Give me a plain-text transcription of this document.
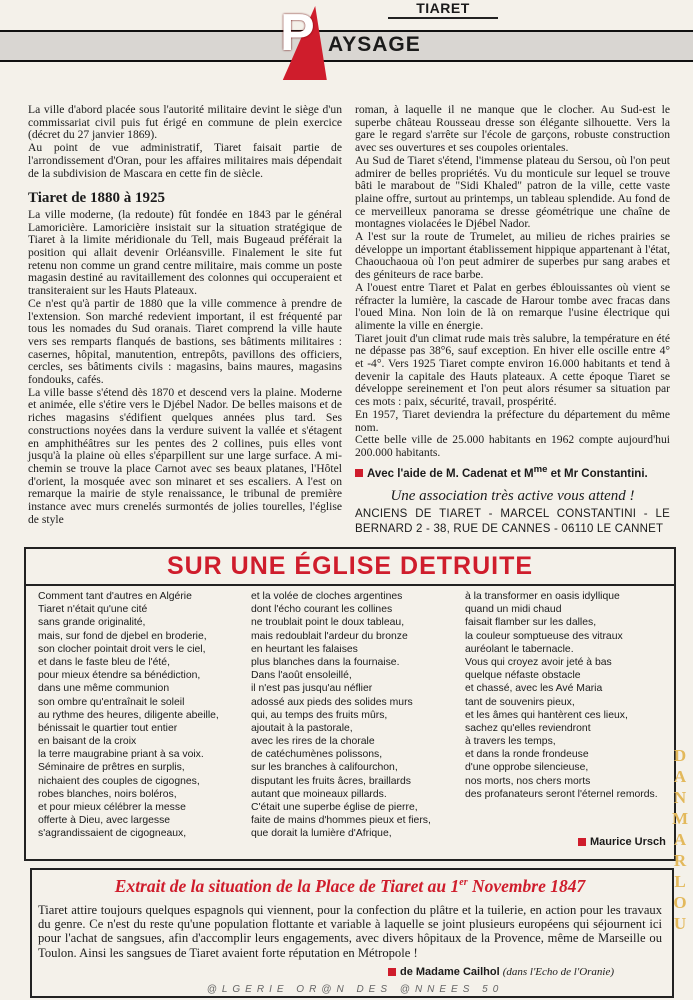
TIARET
P AYSAGE

La ville d'abord placée sous l'autorité militaire devint le siège d'un commissariat civil puis fut érigé en commune de plein exercice (décret du 27 janvier 1869).
Au point de vue administratif, Tiaret faisait partie de l'arrondissement d'Oran, pour les affaires militaires mais dépendait de la subdivision de Mascara en cette fin de siècle.

Tiaret de 1880 à 1925

La ville moderne, (la redoute) fût fondée en 1843 par le général Lamoricière. Lamoricière insistait sur la situation stratégique de Tiaret à la limite méridionale du Tell, mais Bugeaud préférait la position qui allait devenir Orléansville. Finalement le site fut retenu non comme un grand centre militaire, mais comme un poste magasin destiné au ravitaillement des colonnes qui occuperaient et transiteraient sur les Hauts Plateaux.

Ce n'est qu'à partir de 1880 que la ville commence à prendre de l'extension. Son marché redevient important, il est fréquenté par tous les nomades du Sud oranais. Tiaret comprend la ville haute vers ses remparts flanqués de bastions, ses bâtiments militaires : casernes, hôpital, manutention, entrepôts, pavillons des officiers, cercles, ses bâtiments civils : magasins, bains maures, magasins fondouks, cafés.

La ville basse s'étend dès 1870 et descend vers la plaine. Moderne et animée, elle s'étire vers le Djébel Nador. De belles maisons et de riches magasins s'édifient quelques années plus tard. Ses constructions noyées dans la verdure suivent la vallée et s'étagent en amphithéâtres sur les pentes des 2 collines, puis elles vont jusqu'à la plaine où elles s'éparpillent sur une large surface. A mi-chemin se trouve la place Carnot avec ses beaux platanes, l'Hôtel d'orient, la mosquée avec son minaret et ses escaliers. A l'est on remarque la mairie de style renaissance, le tribunal de première instance avec murs crenelés surmontés de jolies tourelles, l'église de style

roman, à laquelle il ne manque que le clocher. Au Sud-est le superbe château Rousseau dresse son élégante silhouette. Vers la gare le regard s'arrête sur l'école de garçons, robuste construction avec ses ouvertures et ses coupoles orientales.

Au Sud de Tiaret s'étend, l'immense plateau du Sersou, où l'on peut admirer de belles propriétés. Vu du monticule sur lequel se trouve bâti le marabout de "Sidi Khaled" patron de la ville, cette vaste plaine offre, surtout au printemps, un tableau splendide. Au fond de ce merveilleux panorama se dresse géométrique une chaîne de montagnes violacées le Djébel Nador.

A l'est sur la route de Trumelet, au milieu de riches prairies se développe un important établissement hippique appartenant à l'état, Chaouchaoua où l'on peut admirer de superbes pur sang arabes et des géniteurs de race barbe.

A l'ouest entre Tiaret et Palat en gerbes éblouissantes où vient se réfracter la lumière, la cascade de Harour tombe avec fracas dans l'oued Mina. Non loin de là on remarque l'usine électrique qui alimente la ville en énergie.

Tiaret jouit d'un climat rude mais très salubre, la température en été ne dépasse pas 38°6, sauf exception. En hiver elle oscille entre 4° et -4°. Vers 1925 Tiaret compte environ 16.000 habitants et tend à devenir la capitale des Hauts plateaux. A cette époque Tiaret se développe sereinement et l'on peut alors résumer sa situation par ces mots : paix, sécurité, travail, prospérité.

En 1957, Tiaret deviendra la préfecture du département du même nom.

Cette belle ville de 25.000 habitants en 1962 compte aujourd'hui 200.000 habitants.

Avec l'aide de M. Cadenat et $M^{me}$ et Mr Constantini.
Une association très active vous attend !
ANCIENS DE TIARET - MARCEL CONSTANTINI - LE BERNARD 2 - 38, RUE DE CANNES - 06110 LE CANNET
SUR UNE ÉGLISE DETRUITE
Comment tant d'autres en Algérie
Tiaret n'était qu'une cité
sans grande originalité,
mais, sur fond de djebel en broderie,
son clocher pointait droit vers le ciel,
et dans le faste bleu de l'été,
pour mieux étendre sa bénédiction,
dans une même communion
son ombre qu'entraînait le soleil
au rythme des heures, diligente abeille,
bénissait le quartier tout entier
en baisant de la croix
la terre maugrabine priant à sa voix.
Séminaire de prêtres en surplis,
nichaient des couples de cigognes,
robes blanches, noirs boléros,
et pour mieux célébrer la messe
offerte à Dieu, avec largesse
s'agrandissaient de cigogneaux,
et la volée de cloches argentines
dont l'écho courant les collines
ne troublait point le doux tableau,
mais redoublait l'ardeur du bronze
en heurtant les falaises
plus blanches dans la fournaise.
Dans l'août ensoleillé,
il n'est pas jusqu'au néflier
adossé aux pieds des solides murs
qui, au temps des fruits mûrs,
ajoutait à la pastorale,
avec les rires de la chorale
de catéchumènes polissons,
sur les branches à califourchon,
disputant les fruits âcres, braillards
autant que moineaux pillards.
C'était une superbe église de pierre,
faite de mains d'hommes pieux et fiers,
que dorait la lumière d'Afrique,
à la transformer en oasis idyllique
quand un midi chaud
faisait flamber sur les dalles,
la couleur somptueuse des vitraux
auréolant le tabernacle.
Vous qui croyez avoir jeté à bas
quelque néfaste obstacle
et chassé, avec les Avé Maria
tant de souvenirs pieux,
et les âmes qui hantèrent ces lieux,
sachez qu'elles reviendront
à travers les temps,
et dans la ronde frondeuse
d'une opprobe silencieuse,
nos morts, nos chers morts
des profanateurs seront l'éternel remords.
Maurice Ursch
Extrait de la situation de la Place de Tiaret au 1er Novembre 1847
Tiaret attire toujours quelques espagnols qui viennent, pour la confection du plâtre et la tuilerie, en action pour les travaux du genre. Ce n'est du reste qu'une population flottante et variable à laquelle se joint plusieurs européens qui séjournent ici pour l'achat de sangsues, afin d'accomplir leurs engagements, avec divers hôpitaux de la Provence, même de Marseille ou Toulon. Ainsi les sangsues de Tiaret avaient forte réputation en Métropole !
de Madame Cailhol (dans l'Echo de l'Oranie)
@LGERIE OR@N DES @NNEES 50
D
A
N
M
A
R
L
O
U
